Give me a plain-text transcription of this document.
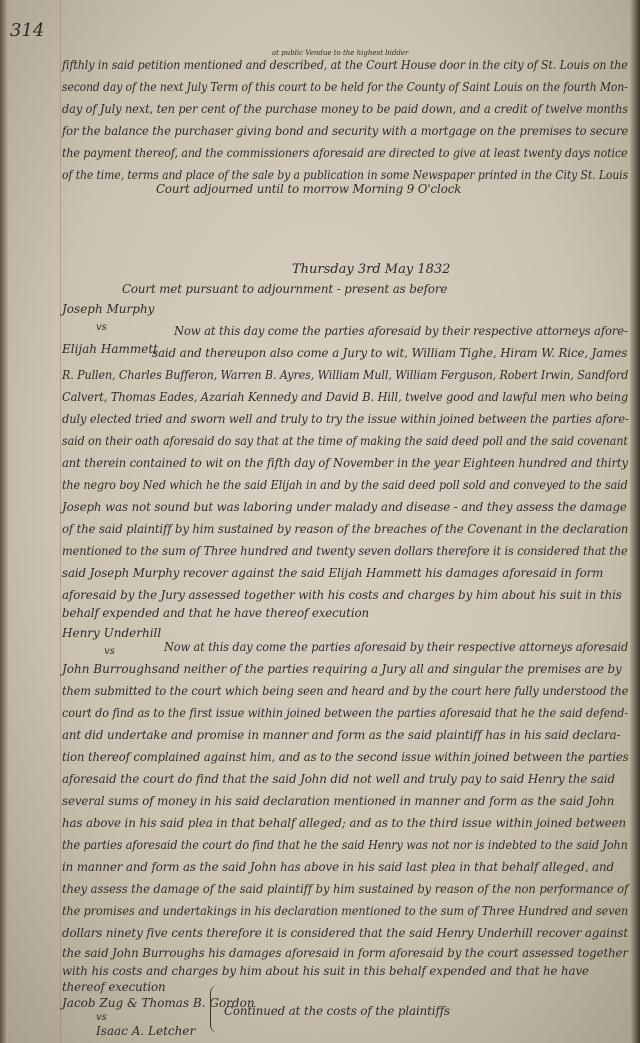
314
at public Vendue to the highest bidder
fifthly in said petition mentioned and described, at the Court House door in the city of St. Louis on the
second day of the next July Term of this court to be held for the County of Saint Louis on the fourth Mon-
day of July next, ten per cent of the purchase money to be paid down, and a credit of twelve months
for the balance the purchaser giving bond and security with a mortgage on the premises to secure
the payment thereof, and the commissioners aforesaid are directed to give at least twenty days notice
of the time, terms and place of the sale by a publication in some Newspaper printed in the City St. Louis
Court adjourned until to morrow Morning 9 O'clock
Thursday 3rd May 1832
Court met pursuant to adjournment - present as before
Joseph Murphy
vs
Elijah Hammett
Now at this day come the parties aforesaid by their respective attorneys afore-
said and thereupon also come a Jury to wit, William Tighe, Hiram W. Rice, James
R. Pullen, Charles Bufferon, Warren B. Ayres, William Mull, William Ferguson, Robert Irwin, Sandford
Calvert, Thomas Eades, Azariah Kennedy and David B. Hill, twelve good and lawful men who being
duly elected tried and sworn well and truly to try the issue within joined between the parties afore-
said on their oath aforesaid do say that at the time of making the said deed poll and the said covenant
ant therein contained to wit on the fifth day of November in the year Eighteen hundred and thirty
the negro boy Ned which he the said Elijah in and by the said deed poll sold and conveyed to the said
Joseph was not sound but was laboring under malady and disease - and they assess the damage
of the said plaintiff by him sustained by reason of the breaches of the Covenant in the declaration
mentioned to the sum of Three hundred and twenty seven dollars therefore it is considered that the
said Joseph Murphy recover against the said Elijah Hammett his damages aforesaid in form
aforesaid by the Jury assessed together with his costs and charges by him about his suit in this
behalf expended and that he have thereof execution
Henry Underhill
vs	Now at this day come the parties aforesaid by their respective attorneys aforesaid
John Burroughs and neither of the parties requiring a Jury all and singular the premises are by
them submitted to the court which being seen and heard and by the court here fully understood the
court do find as to the first issue within joined between the parties aforesaid that he the said defend-
ant did undertake and promise in manner and form as the said plaintiff has in his said declara-
tion thereof complained against him, and as to the second issue within joined between the parties
aforesaid the court do find that the said John did not well and truly pay to said Henry the said
several sums of money in his said declaration mentioned in manner and form as the said John
has above in his said plea in that behalf alleged; and as to the third issue within joined between
the parties aforesaid the court do find that he the said Henry was not nor is indebted to the said John
in manner and form as the said John has above in his said last plea in that behalf alleged, and
they assess the damage of the said plaintiff by him sustained by reason of the non performance of
the promises and undertakings in his declaration mentioned to the sum of Three Hundred and seven
dollars ninety five cents therefore it is considered that the said Henry Underhill recover against
the said John Burroughs his damages aforesaid in form aforesaid by the court assessed together
with his costs and charges by him about his suit in this behalf expended and that he have
thereof execution
Jacob Zug & Thomas B. Gordon
vs
Isaac A. Letcher
Continued at the costs of the plaintiffs
